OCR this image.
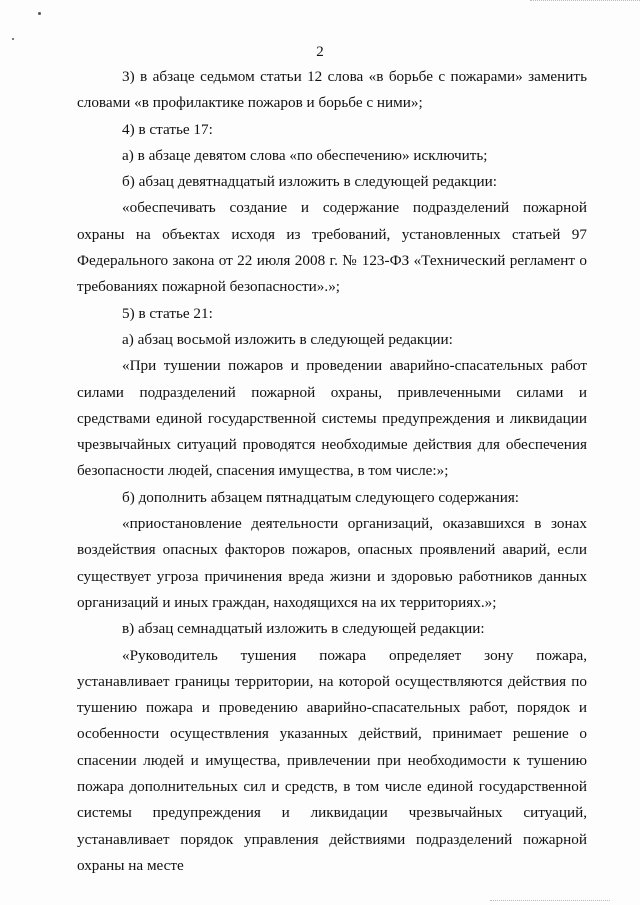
2

3) в абзаце седьмом статьи 12 слова «в борьбе с пожарами» заменить словами «в профилактике пожаров и борьбе с ними»;

4) в статье 17:

а) в абзаце девятом слова «по обеспечению» исключить;

б) абзац девятнадцатый изложить в следующей редакции:

«обеспечивать создание и содержание подразделений пожарной охраны на объектах исходя из требований, установленных статьей 97 Федерального закона от 22 июля 2008 г. № 123-ФЗ «Технический регламент о требованиях пожарной безопасности».»;

5) в статье 21:

а) абзац восьмой изложить в следующей редакции:

«При тушении пожаров и проведении аварийно-спасательных работ силами подразделений пожарной охраны, привлеченными силами и средствами единой государственной системы предупреждения и ликвидации чрезвычайных ситуаций проводятся необходимые действия для обеспечения безопасности людей, спасения имущества, в том числе:»;

б) дополнить абзацем пятнадцатым следующего содержания:

«приостановление деятельности организаций, оказавшихся в зонах воздействия опасных факторов пожаров, опасных проявлений аварий, если существует угроза причинения вреда жизни и здоровью работников данных организаций и иных граждан, находящихся на их территориях.»;

в) абзац семнадцатый изложить в следующей редакции:

«Руководитель тушения пожара определяет зону пожара, устанавливает границы территории, на которой осуществляются действия по тушению пожара и проведению аварийно-спасательных работ, порядок и особенности осуществления указанных действий, принимает решение о спасении людей и имущества, привлечении при необходимости к тушению пожара дополнительных сил и средств, в том числе единой государственной системы предупреждения и ликвидации чрезвычайных ситуаций, устанавливает порядок управления действиями подразделений пожарной охраны на месте
